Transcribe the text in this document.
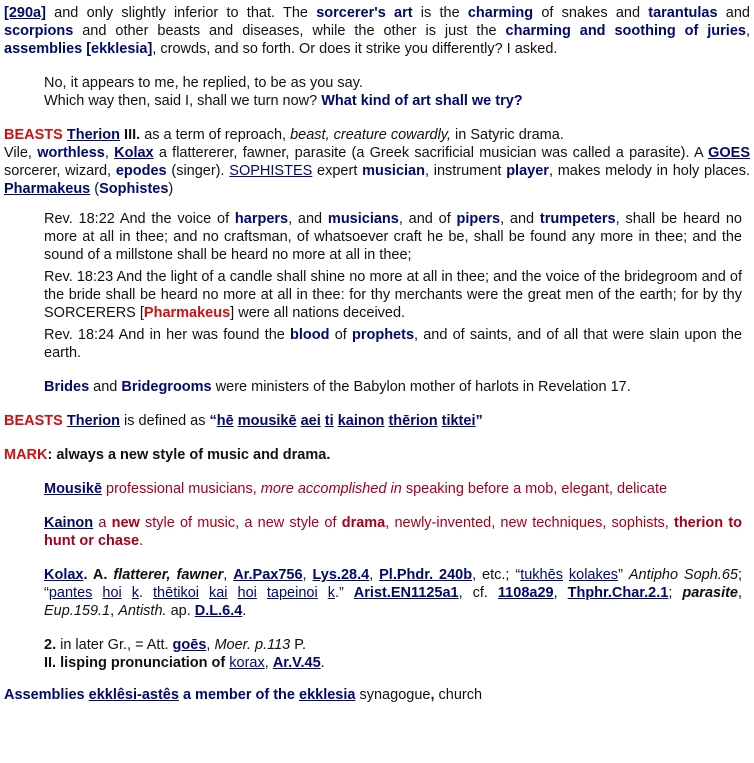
[290a] and only slightly inferior to that. The sorcerer's art is the charming of snakes and tarantulas and scorpions and other beasts and diseases, while the other is just the charming and soothing of juries, assemblies [ekklesia], crowds, and so forth. Or does it strike you differently? I asked.

No, it appears to me, he replied, to be as you say.
Which way then, said I, shall we turn now? What kind of art shall we try?

BEASTS Therion III. as a term of reproach, beast, creature cowardly, in Satyric drama.

Vile, worthless, Kolax a flattererer, fawner, parasite (a Greek sacrificial musician was called a parasite). A GOES sorcerer, wizard, epodes (singer). SOPHISTES expert musician, instrument player, makes melody in holy places. Pharmakeus (Sophistes)

Rev. 18:22 And the voice of harpers, and musicians, and of pipers, and trumpeters, shall be heard no more at all in thee; and no craftsman, of whatsoever craft he be, shall be found any more in thee; and the sound of a millstone shall be heard no more at all in thee;

Rev. 18:23 And the light of a candle shall shine no more at all in thee; and the voice of the bridegroom and of the bride shall be heard no more at all in thee: for thy merchants were the great men of the earth; for by thy SORCERERS [Pharmakeus] were all nations deceived.

Rev. 18:24 And in her was found the blood of prophets, and of saints, and of all that were slain upon the earth.

Brides and Bridegrooms were ministers of the Babylon mother of harlots in Revelation 17.

BEASTS Therion is defined as “hē mousikē aei ti kainon thērion tiktei”

MARK: always a new style of music and drama.

Mousikē professional musicians, more accomplished in speaking before a mob, elegant, delicate

Kainon a new style of music, a new style of drama, newly-invented, new techniques, sophists, therion to hunt or chase.

Kolax. A. flatterer, fawner, Ar.Pax756, Lys.28.4, Pl.Phdr. 240b, etc.; “tukhēs kolakes” Antipho Soph.65; “pantes hoi k. thētikoi kai hoi tapeinoi k.” Arist.EN1125a1, cf. 1108a29, Thphr.Char.2.1; parasite, Eup.159.1, Antisth. ap. D.L.6.4.

2. in later Gr., = Att. goēs, Moer. p.113 P.

II. lisping pronunciation of korax, Ar.V.45.

Assemblies ekklêsi-astês a member of the ekklesia synagogue, church
